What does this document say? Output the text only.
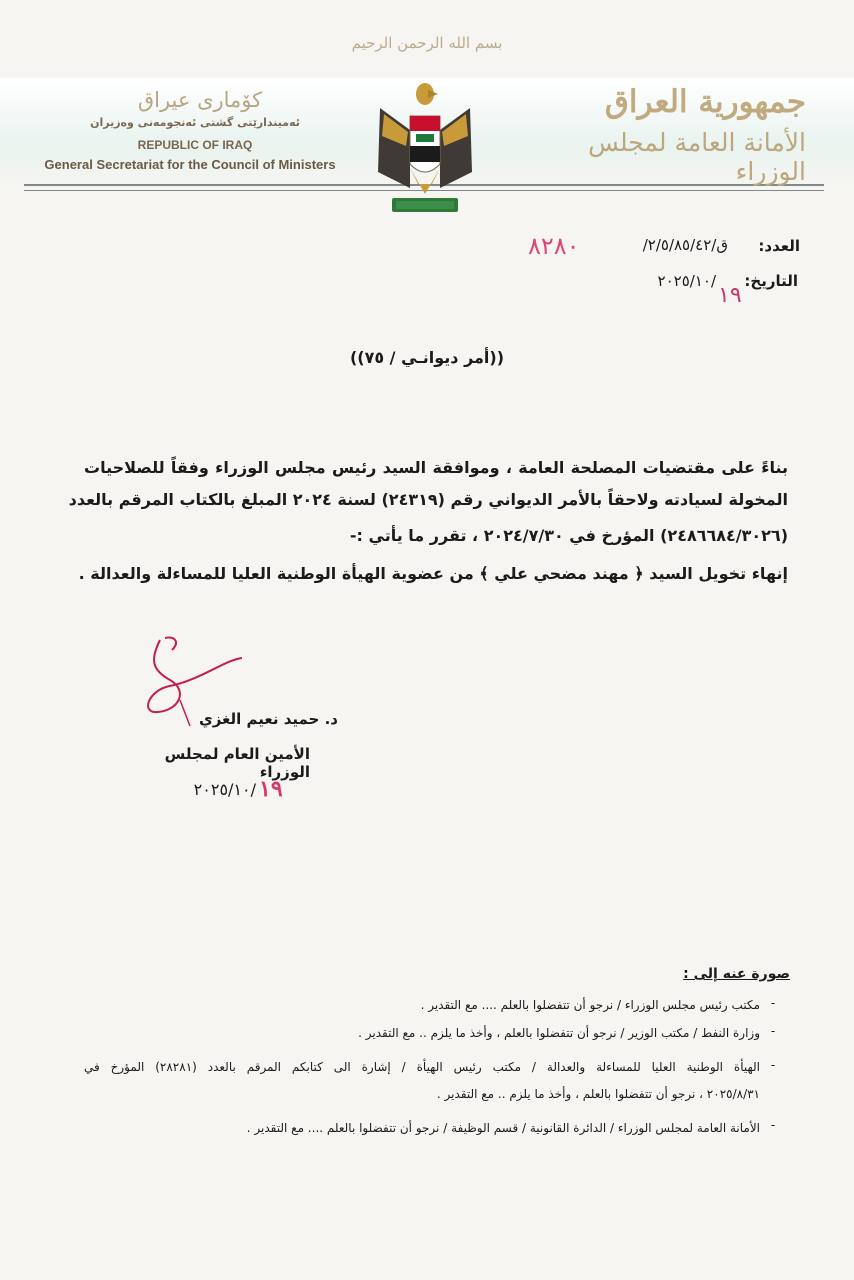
بسم الله الرحمن الرحيم
كۆمارى عيراق
ئه‌ميندارێتى گشتى ئه‌نجومه‌نى وه‌زيران
REPUBLIC OF IRAQ
General Secretariat for the Council of Ministers
جمهورية العراق
الأمانة العامة لمجلس الوزراء
العدد:
ق/٢/٥/٨٥/٤٢/
٨٢٨٠
التاريخ:
/٢٠٢٥/١٠
١٩
((أمر ديوانـي / ٧٥))
بناءً على مقتضيات المصلحة العامة ، وموافقة السيد رئيس مجلس الوزراء وفقاً للصلاحيات
المخولة لسيادته ولاحقاً بالأمر الديواني رقم (٢٤٣١٩) لسنة ٢٠٢٤ المبلغ بالكتاب المرقم بالعدد
(٢٤٨٦٦٨٤/٣٠٢٦) المؤرخ في ٢٠٢٤/٧/٣٠ ، تقرر ما يأتي :-
إنهاء تخويل السيد ﴿ مهند مضحي علي ﴾ من عضوية الهيأة الوطنية العليا للمساءلة والعدالة .
د. حميد نعيم الغزي
الأمين العام لمجلس الوزراء
/٢٠٢٥/١٠ ١٩
صورة عنه إلى :
-
مكتب رئيس مجلس الوزراء / نرجو أن تتفضلوا بالعلم .... مع التقدير .
-
وزارة النفط / مكتب الوزير / نرجو أن تتفضلوا بالعلم ، وأخذ ما يلزم .. مع التقدير .
-
الهيأة الوطنية العليا للمساءلة والعدالة / مكتب رئيس الهيأة / إشارة الى كتابكم المرقم بالعدد (٢٨٢٨١) المؤرخ في
٢٠٢٥/٨/٣١ ، نرجو أن تتفضلوا بالعلم ، وأخذ ما يلزم .. مع التقدير .
-
الأمانة العامة لمجلس الوزراء / الدائرة القانونية / قسم الوظيفة / نرجو أن تتفضلوا بالعلم .... مع التقدير .
